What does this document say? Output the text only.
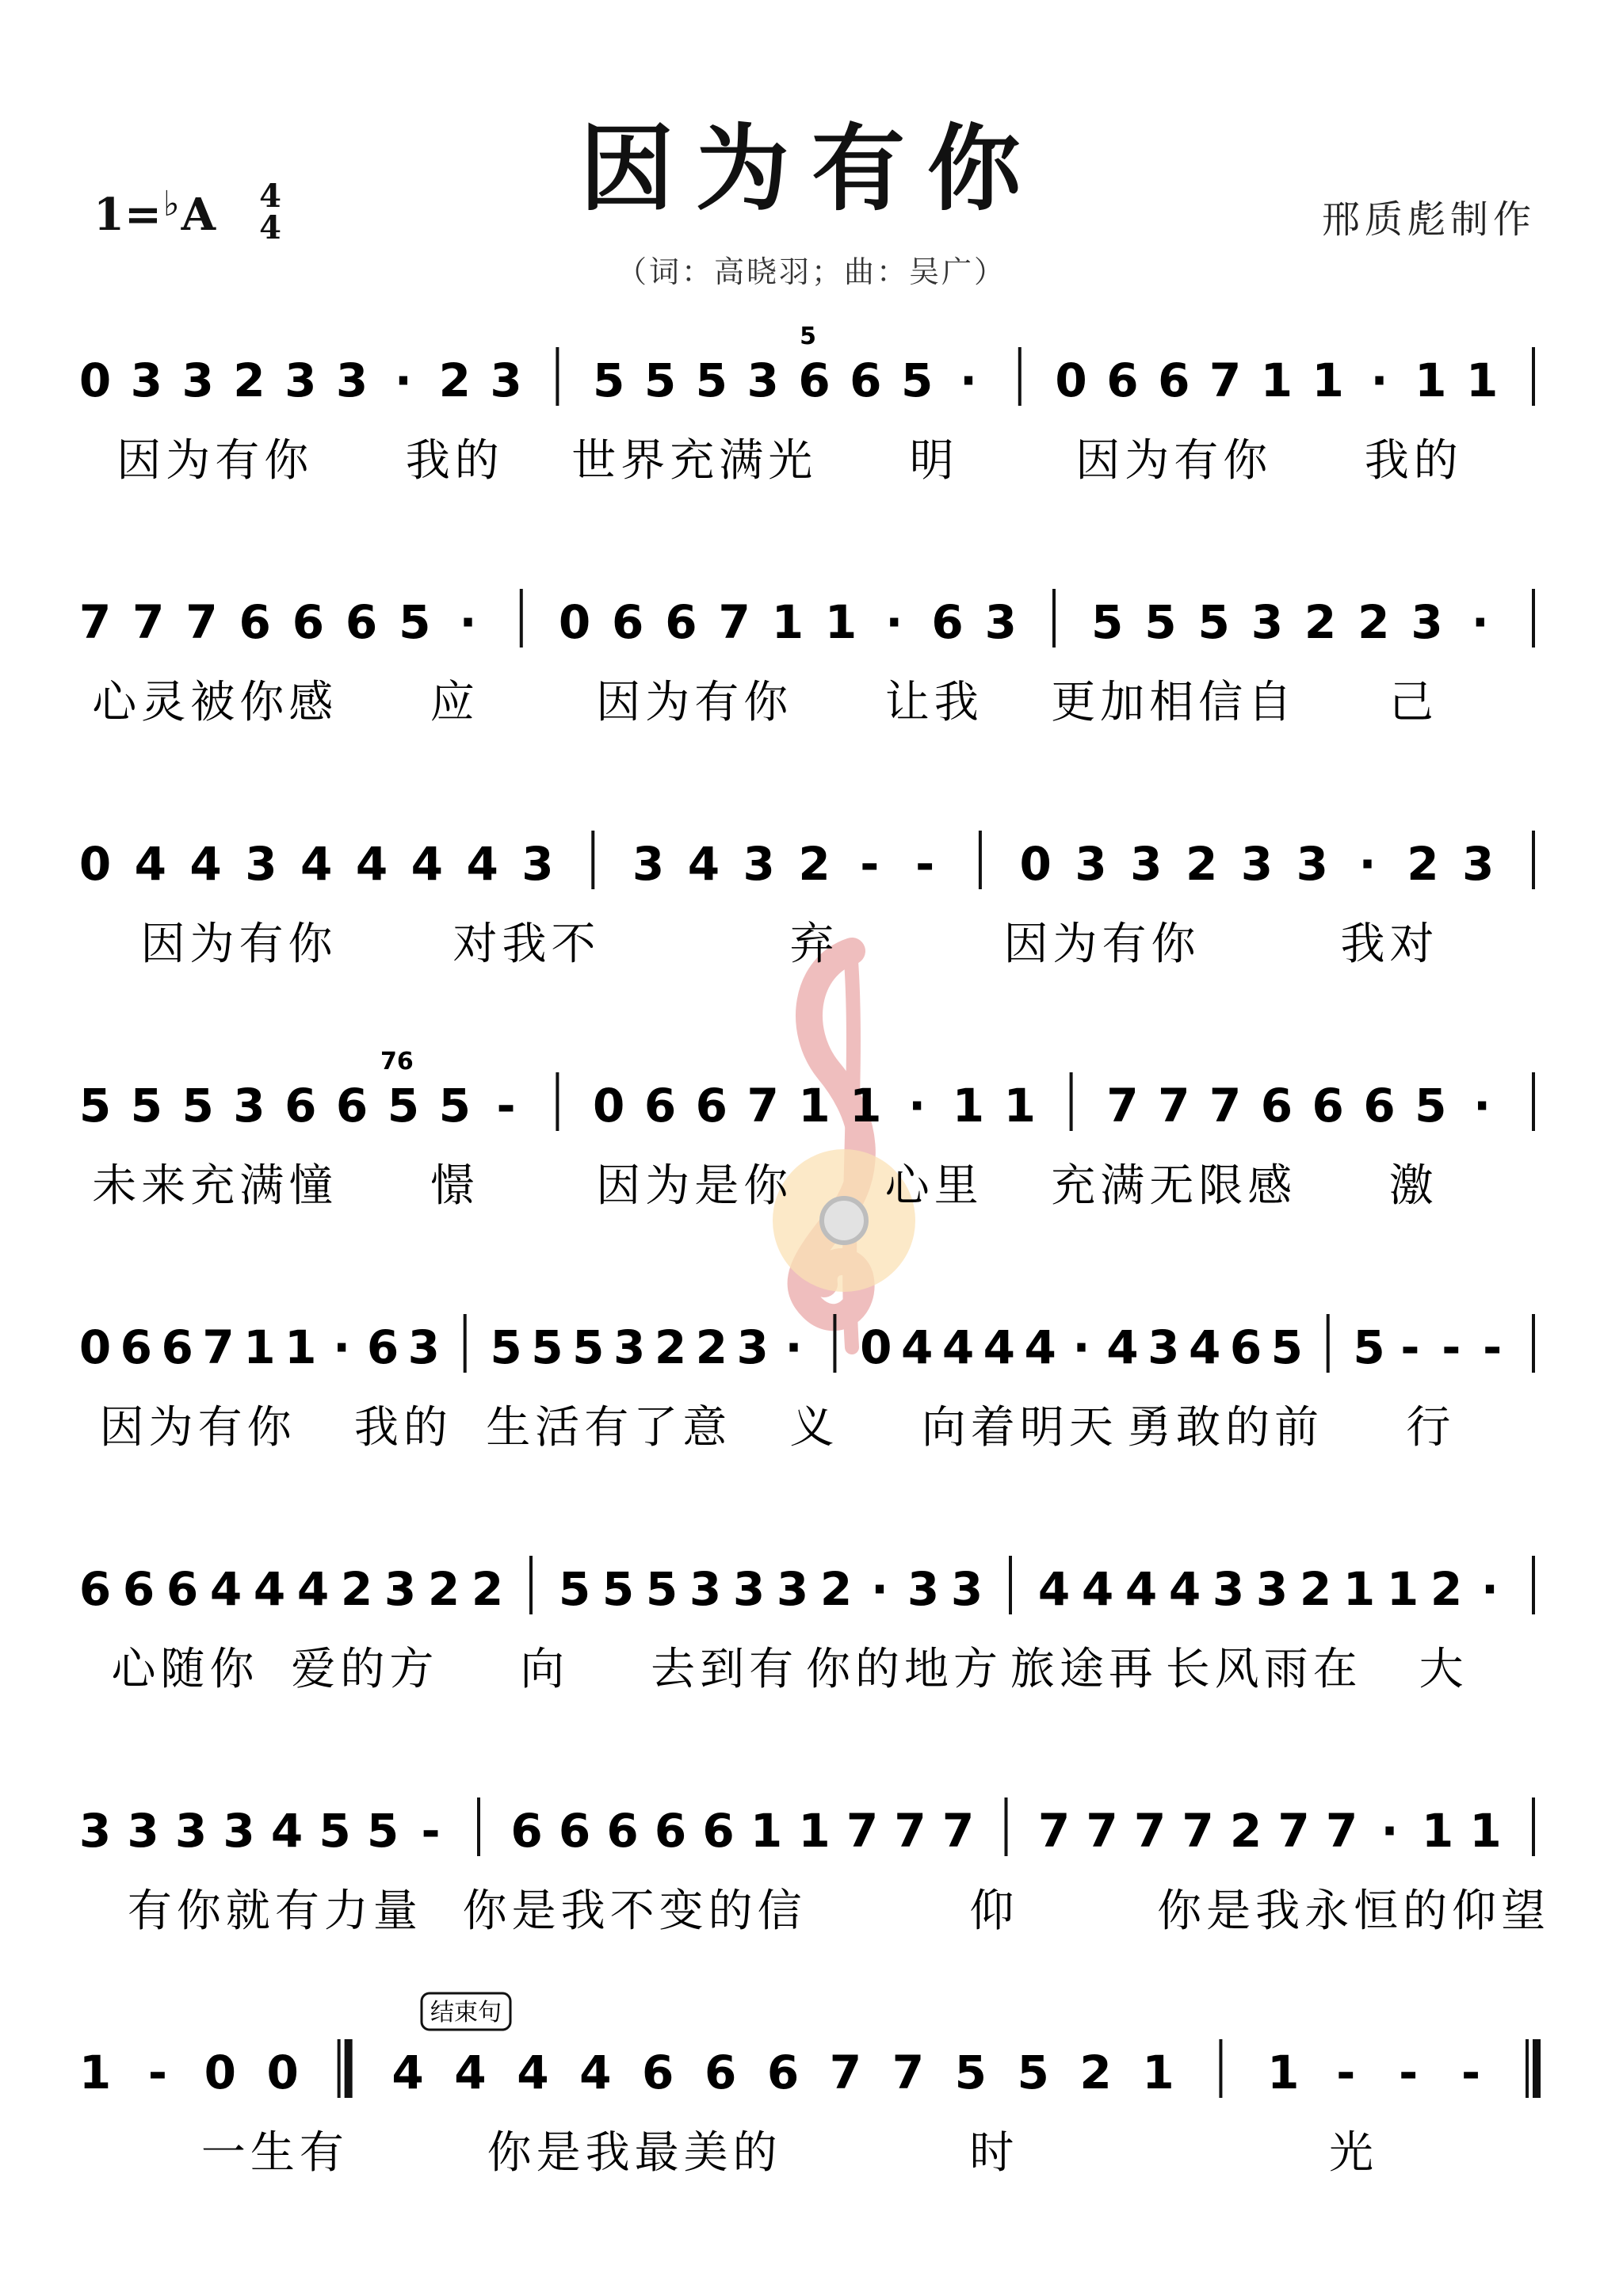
因为有你
（词：高晓羽；曲：吴广）
邢质彪制作
1=♭A 4
4
0 3 3 2 3 3 · 2 3 5 5 5 3 6 6 5 · 0 6 6 7 1 1 · 1 1
5
因为有你 我的 世界充满光 明	因为有你 我的
7 7 7 6 6 6 5 · 0 6 6 7 1 1 · 6 3 5 5 5 3 2 2 3 ·
心灵被你感 应	因为有你 让我 更加相信自 己
0 4 4 3 4 4 4 4 3 3 4 3 2 - - 0 3 3 2 3 3 · 2 3
因为有你	对我不	弃	因为有你	我对
5 5 5 3 6 6 5 5 - 0 6 6 7 1 1 · 1 1 7 7 7 6 6 6 5 ·
76
未来充满憧 憬	因为是你 心里 充满无限感 激
0 6 6 7 1 1 · 6 3 5 5 5 3 2 2 3 · 0 4 4 4 4 · 4 3 4 6 5 5 - - -
因为有你 我的 生活有了意 义 向着明天 勇敢的前 行
6 6 6 4 4 4 2 3 2 2 5 5 5 3 3 3 2 · 3 3 4 4 4 4 3 3 2 1 1 2 ·
心随你 爱的方 向 去到有 你的地方 旅途再 长风雨在 大
3 3 3 3 4 5 5 - 6 6 6 6 6 1 1 7 7 7 7 7 7 7 2 7 7 · 1 1
有你就有力量 你是我不变的信	仰	你是我永恒的仰望
1 - 0 0 4 4 4 4 6 6 6 7 7 5 5 2 1 1 - - -
一生有	你是我最美的	时	光
结束句
